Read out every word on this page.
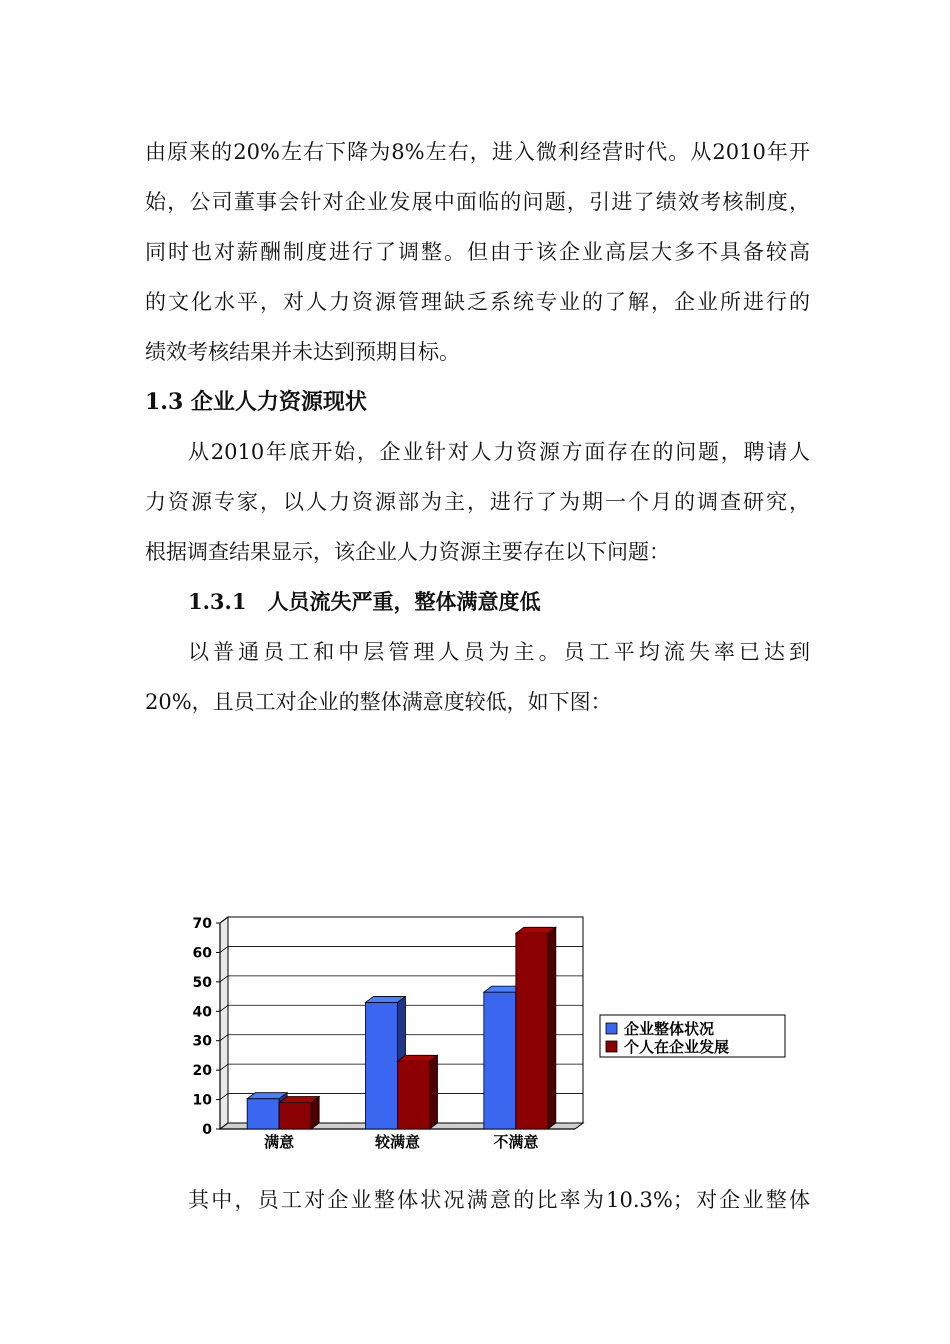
由原来的20%左右下降为8%左右，进入微利经营时代。从2010年开
始，公司董事会针对企业发展中面临的问题，引进了绩效考核制度，
同时也对薪酬制度进行了调整。但由于该企业高层大多不具备较高
的文化水平，对人力资源管理缺乏系统专业的了解，企业所进行的
绩效考核结果并未达到预期目标。
1.3 企业人力资源现状
从2010年底开始，企业针对人力资源方面存在的问题，聘请人
力资源专家，以人力资源部为主，进行了为期一个月的调查研究，
根据调查结果显示，该企业人力资源主要存在以下问题：
1.3.1　人员流失严重，整体满意度低
以普通员工和中层管理人员为主。员工平均流失率已达到
20%，且员工对企业的整体满意度较低，如下图：
0
10
20
30
40
50
60
70
满意	较满意	不满意
企业整体状况
个人在企业发展
其中，员工对企业整体状况满意的比率为10.3%；对企业整体
